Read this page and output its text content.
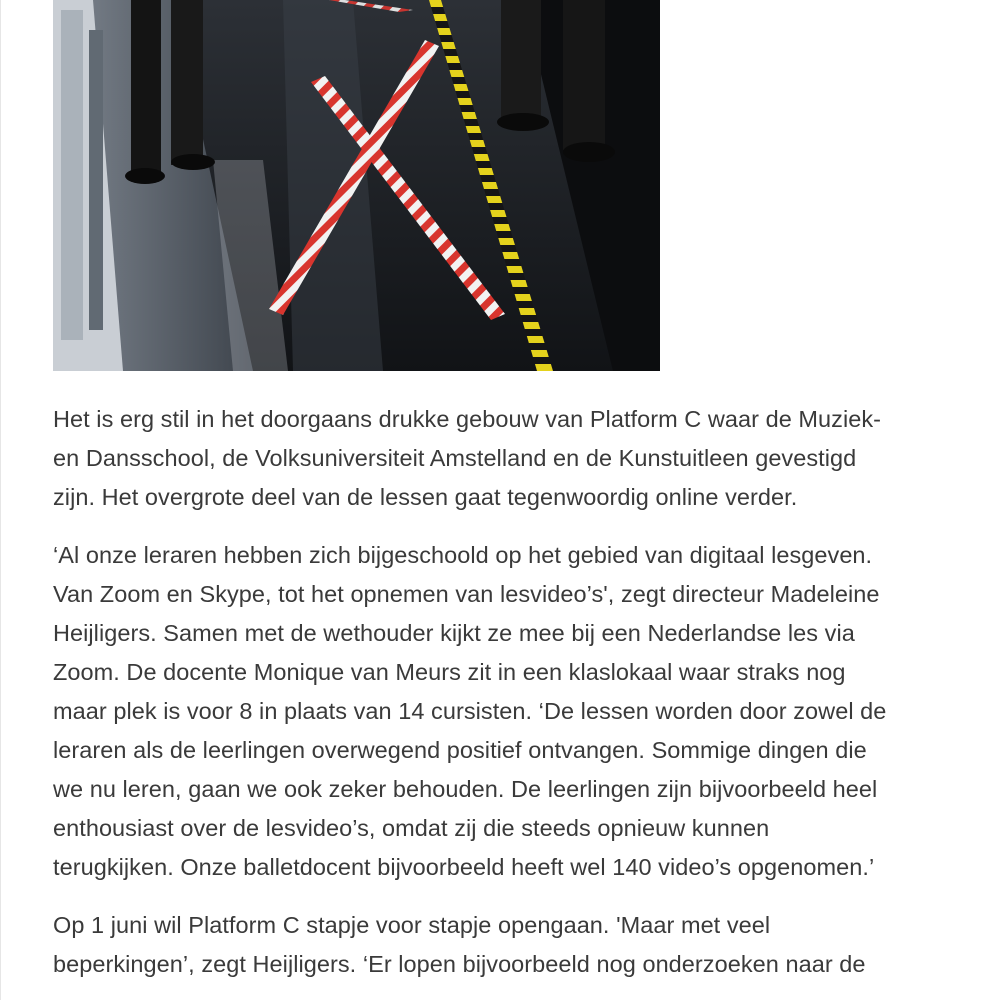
Het is erg stil in het doorgaans drukke gebouw van Platform C waar de Muziek-
en Dansschool, de Volksuniversiteit Amstelland en de Kunstuitleen gevestigd
zijn. Het overgrote deel van de lessen gaat tegenwoordig online verder.

‘Al onze leraren hebben zich bijgeschoold op het gebied van digitaal lesgeven.
Van Zoom en Skype, tot het opnemen van lesvideo’s', zegt directeur Madeleine
Heijligers. Samen met de wethouder kijkt ze mee bij een Nederlandse les via
Zoom. De docente Monique van Meurs zit in een klaslokaal waar straks nog
maar plek is voor 8 in plaats van 14 cursisten. ‘De lessen worden door zowel de
leraren als de leerlingen overwegend positief ontvangen. Sommige dingen die
we nu leren, gaan we ook zeker behouden. De leerlingen zijn bijvoorbeeld heel
enthousiast over de lesvideo’s, omdat zij die steeds opnieuw kunnen
terugkijken. Onze balletdocent bijvoorbeeld heeft wel 140 video’s opgenomen.’

Op 1 juni wil Platform C stapje voor stapje opengaan. 'Maar met veel
beperkingen’, zegt Heijligers. ‘Er lopen bijvoorbeeld nog onderzoeken naar de
